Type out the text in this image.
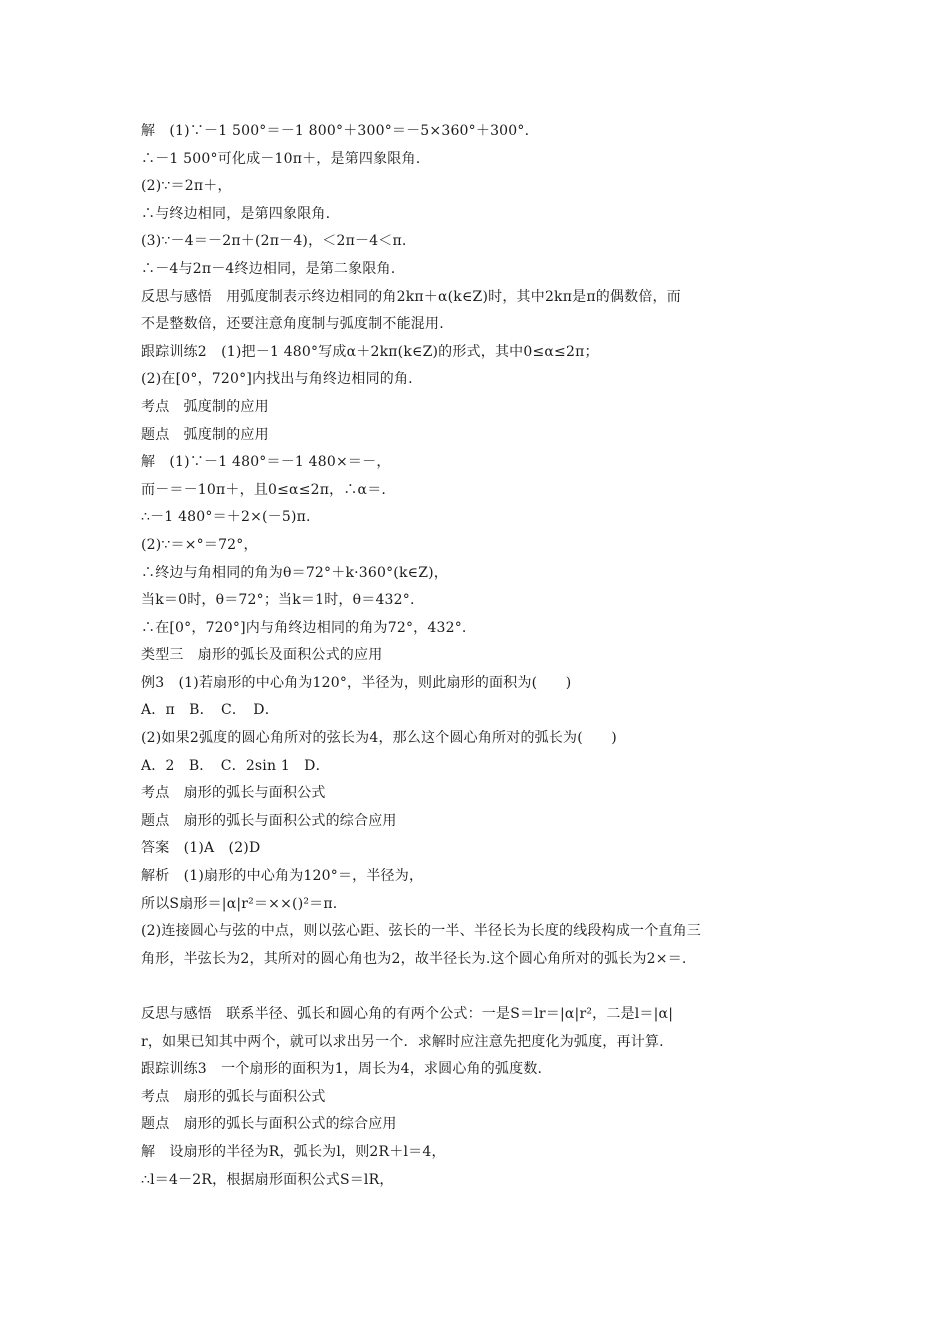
解　(1)∵－1 500°＝－1 800°＋300°＝－5×360°＋300°.
∴－1 500°可化成－10π＋，是第四象限角.
(2)∵＝2π＋，
∴与终边相同，是第四象限角.
(3)∵－4＝－2π＋(2π－4)，＜2π－4＜π.
∴－4与2π－4终边相同，是第二象限角.
反思与感悟　用弧度制表示终边相同的角2kπ＋α(k∈Z)时，其中2kπ是π的偶数倍，而
不是整数倍，还要注意角度制与弧度制不能混用.
跟踪训练2　(1)把－1 480°写成α＋2kπ(k∈Z)的形式，其中0≤α≤2π；
(2)在[0°，720°]内找出与角终边相同的角.
考点　弧度制的应用
题点　弧度制的应用
解　(1)∵－1 480°＝－1 480×＝－，
而－＝－10π＋，且0≤α≤2π，∴α＝.
∴－1 480°＝＋2×(－5)π.
(2)∵＝×°＝72°，
∴终边与角相同的角为θ＝72°＋k·360°(k∈Z)，
当k＝0时，θ＝72°；当k＝1时，θ＝432°.
∴在[0°，720°]内与角终边相同的角为72°，432°.
类型三　扇形的弧长及面积公式的应用
例3　(1)若扇形的中心角为120°，半径为，则此扇形的面积为(　　)
A．π　B．　C．　D．
(2)如果2弧度的圆心角所对的弦长为4，那么这个圆心角所对的弧长为(　　)
A．2　B．　C．2sin 1　D．
考点　扇形的弧长与面积公式
题点　扇形的弧长与面积公式的综合应用
答案　(1)A　(2)D
解析　(1)扇形的中心角为120°＝，半径为，
所以S扇形＝|α|r²＝××()²＝π.
(2)连接圆心与弦的中点，则以弦心距、弦长的一半、半径长为长度的线段构成一个直角三
角形，半弦长为2，其所对的圆心角也为2，故半径长为.这个圆心角所对的弧长为2×＝.
反思与感悟　联系半径、弧长和圆心角的有两个公式：一是S＝lr＝|α|r²，二是l＝|α|
r，如果已知其中两个，就可以求出另一个．求解时应注意先把度化为弧度，再计算.
跟踪训练3　一个扇形的面积为1，周长为4，求圆心角的弧度数.
考点　扇形的弧长与面积公式
题点　扇形的弧长与面积公式的综合应用
解　设扇形的半径为R，弧长为l，则2R＋l＝4，
∴l＝4－2R，根据扇形面积公式S＝lR，
